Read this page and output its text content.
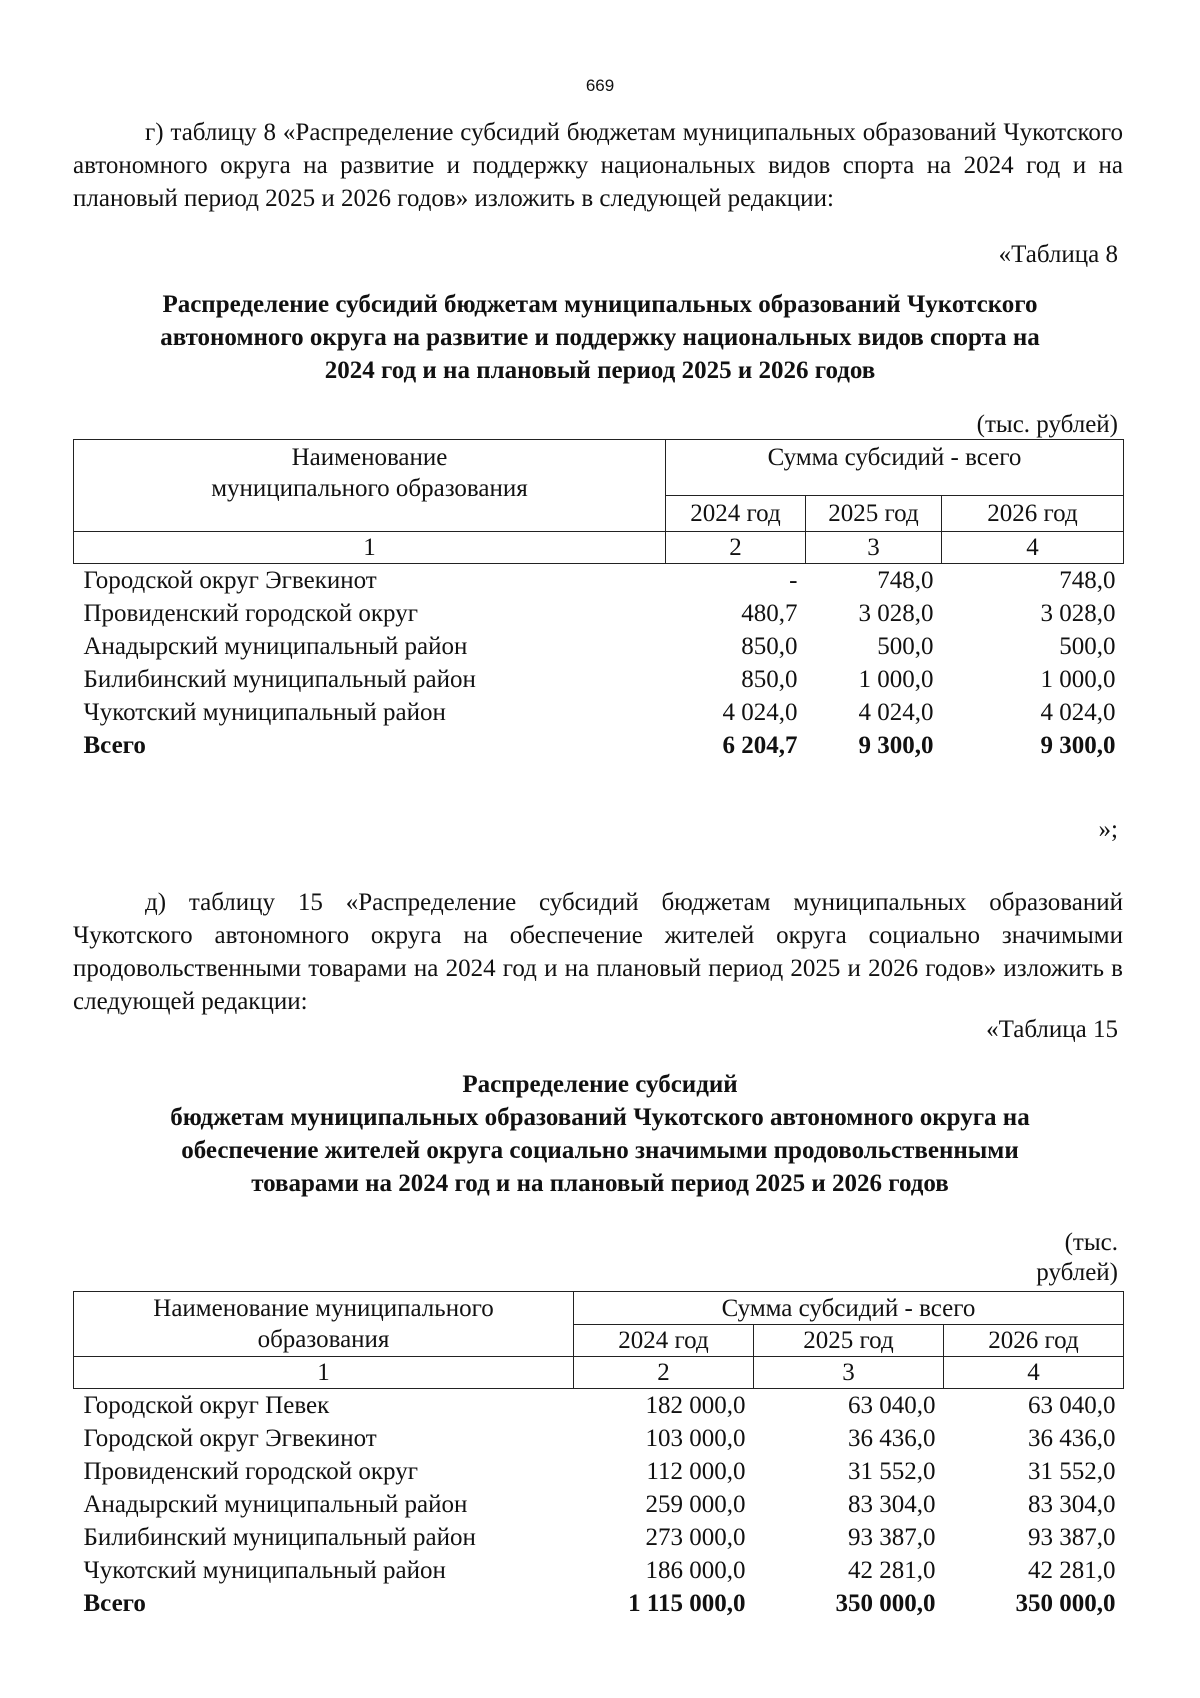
669

г) таблицу 8 «Распределение субсидий бюджетам муниципальных образований Чукотского автономного округа на развитие и поддержку национальных видов спорта на 2024 год и на плановый период 2025 и 2026 годов» изложить в следующей редакции:

«Таблица 8

Распределение субсидий бюджетам муниципальных образований Чукотского
автономного округа на развитие и поддержку национальных видов спорта на
2024 год и на плановый период 2025 и 2026 годов

(тыс. рублей)

Наименование
муниципального образования	Сумма субсидий - всего		
	2024 год	2025 год	2026 год
1	2	3	4
Городской округ Эгвекинот	-	748,0	748,0
Провиденский городской округ	480,7	3 028,0	3 028,0
Анадырский муниципальный район	850,0	500,0	500,0
Билибинский муниципальный район	850,0	1 000,0	1 000,0
Чукотский муниципальный район	4 024,0	4 024,0	4 024,0
Всего	6 204,7	9 300,0	9 300,0

»;

д) таблицу 15 «Распределение субсидий бюджетам муниципальных образований Чукотского автономного округа на обеспечение жителей округа социально значимыми продовольственными товарами на 2024 год и на плановый период 2025 и 2026 годов» изложить в следующей редакции:

«Таблица 15

Распределение субсидий
бюджетам муниципальных образований Чукотского автономного округа на
обеспечение жителей округа социально значимыми продовольственными
товарами на 2024 год и на плановый период 2025 и 2026 годов
(тыс.
рублей)
Наименование муниципального
образования	Сумма субсидий - всего		
	2024 год	2025 год	2026 год
1	2	3	4
Городской округ Певек	182 000,0	63 040,0	63 040,0
Городской округ Эгвекинот	103 000,0	36 436,0	36 436,0
Провиденский городской округ	112 000,0	31 552,0	31 552,0
Анадырский муниципальный район	259 000,0	83 304,0	83 304,0
Билибинский муниципальный район	273 000,0	93 387,0	93 387,0
Чукотский муниципальный район	186 000,0	42 281,0	42 281,0
Всего	1 115 000,0	350 000,0	350 000,0
